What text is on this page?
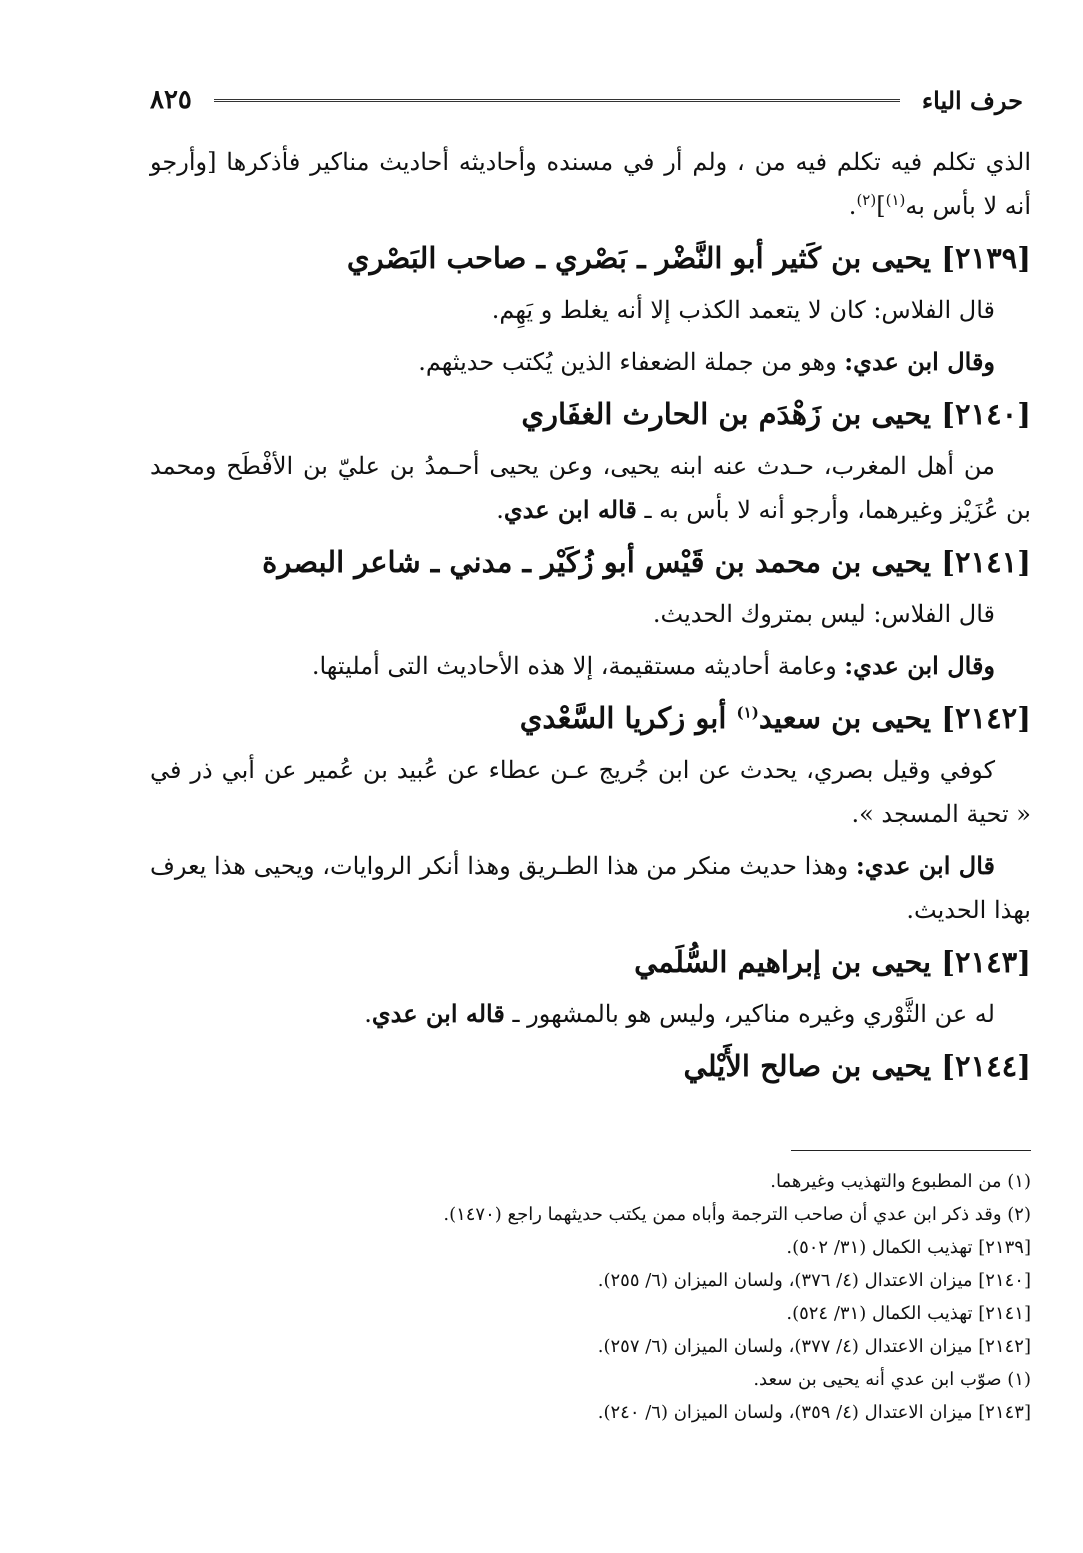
حرف الياء
٨٢٥

الذي تكلم فيه تكلم فيه من ، ولم أر في مسنده وأحاديثه أحاديث مناكير فأذكرها [وأرجو أنه لا بأس به$^{(١)}$]$^{(٢)}$.

[٢١٣٩] يحيى بن كَثير أبو النَّضْر ـ بَصْري ـ صاحب البَصْري

قال الفلاس: كان لا يتعمد الكذب إلا أنه يغلط و يَهِم.

وقال ابن عدي: وهو من جملة الضعفاء الذين يُكتب حديثهم.

[٢١٤٠] يحيى بن زَهْدَم بن الحارث الغفَاري

من أهل المغرب، حـدث عنه ابنه يحيى، وعن يحيى أحـمدُ بن عليّ بن الأفْطَح ومحمد بن عُزَيْز وغيرهما، وأرجو أنه لا بأس به ـ قاله ابن عدي.

[٢١٤١] يحيى بن محمد بن قَيْس أبو زُكَيْر ـ مدني ـ شاعر البصرة

قال الفلاس: ليس بمتروك الحديث.

وقال ابن عدي: وعامة أحاديثه مستقيمة، إلا هذه الأحاديث التى أمليتها.

[٢١٤٢] يحيى بن سعيد$^{(١)}$ أبو زكريا السَّعْدي

كوفي وقيل بصري، يحدث عن ابن جُريج عـن عطاء عن عُبيد بن عُمير عن أبي ذر في « تحية المسجد ».

قال ابن عدي: وهذا حديث منكر من هذا الطـريق وهذا أنكر الروايات، ويحيى هذا يعرف بهذا الحديث.

[٢١٤٣] يحيى بن إبراهيم السُّلَمي

له عن الثَّوْري وغيره مناكير، وليس هو بالمشهور ـ قاله ابن عدي.

[٢١٤٤] يحيى بن صالح الأَيْلي

(١) من المطبوع والتهذيب وغيرهما.

(٢) وقد ذكر ابن عدي أن صاحب الترجمة وأباه ممن يكتب حديثهما راجع (١٤٧٠).

[٢١٣٩] تهذيب الكمال (٣١/ ٥٠٢).

[٢١٤٠] ميزان الاعتدال (٤/ ٣٧٦)، ولسان الميزان (٦/ ٢٥٥).

[٢١٤١] تهذيب الكمال (٣١/ ٥٢٤).

[٢١٤٢] ميزان الاعتدال (٤/ ٣٧٧)، ولسان الميزان (٦/ ٢٥٧).

(١) صوّب ابن عدي أنه يحيى بن سعد.

[٢١٤٣] ميزان الاعتدال (٤/ ٣٥٩)، ولسان الميزان (٦/ ٢٤٠).
